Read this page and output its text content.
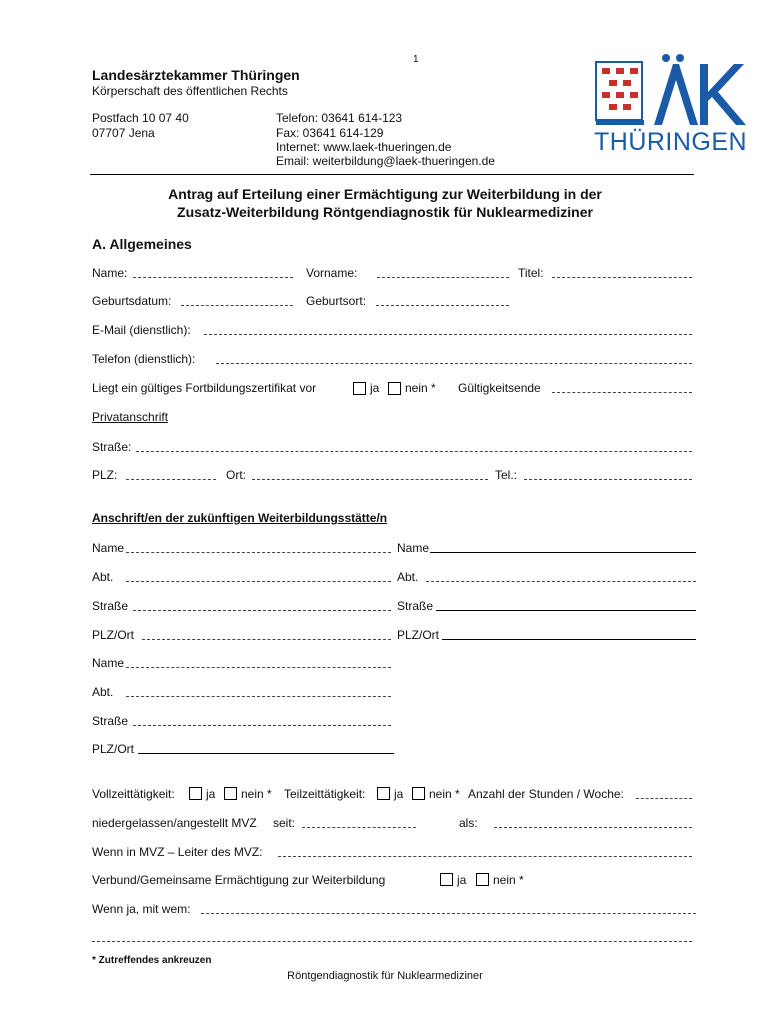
1
Landesärztekammer Thüringen
Körperschaft des öffentlichen Rechts
Postfach 10 07 40
07707 Jena
Telefon: 03641 614-123
Fax: 03641 614-129
Internet: www.laek-thueringen.de
Email: weiterbildung@laek-thueringen.de
THÜRINGEN
Antrag auf Erteilung einer Ermächtigung zur Weiterbildung in der
Zusatz-Weiterbildung Röntgendiagnostik für Nuklearmediziner
A. Allgemeines
Name:	Vorname:	Titel:
Geburtsdatum:	Geburtsort:
E-Mail (dienstlich):
Telefon (dienstlich):
Liegt ein gültiges Fortbildungszertifikat vor	ja nein * Gültigkeitsende
Privatanschrift
Straße:
PLZ:	Ort:	Tel.:
Anschrift/en der zukünftigen Weiterbildungsstätte/n
Name	Name
Abt.	Abt.
Straße	Straße
PLZ/Ort	PLZ/Ort
Name
Abt.
Straße
PLZ/Ort
Vollzeittätigkeit:	ja nein * Teilzeittätigkeit: ja nein * Anzahl der Stunden / Woche:
niedergelassen/angestellt MVZ seit:	als:
Wenn in MVZ – Leiter des MVZ:
Verbund/Gemeinsame Ermächtigung zur Weiterbildung	ja nein *
Wenn ja, mit wem:
* Zutreffendes ankreuzen
Röntgendiagnostik für Nuklearmediziner
